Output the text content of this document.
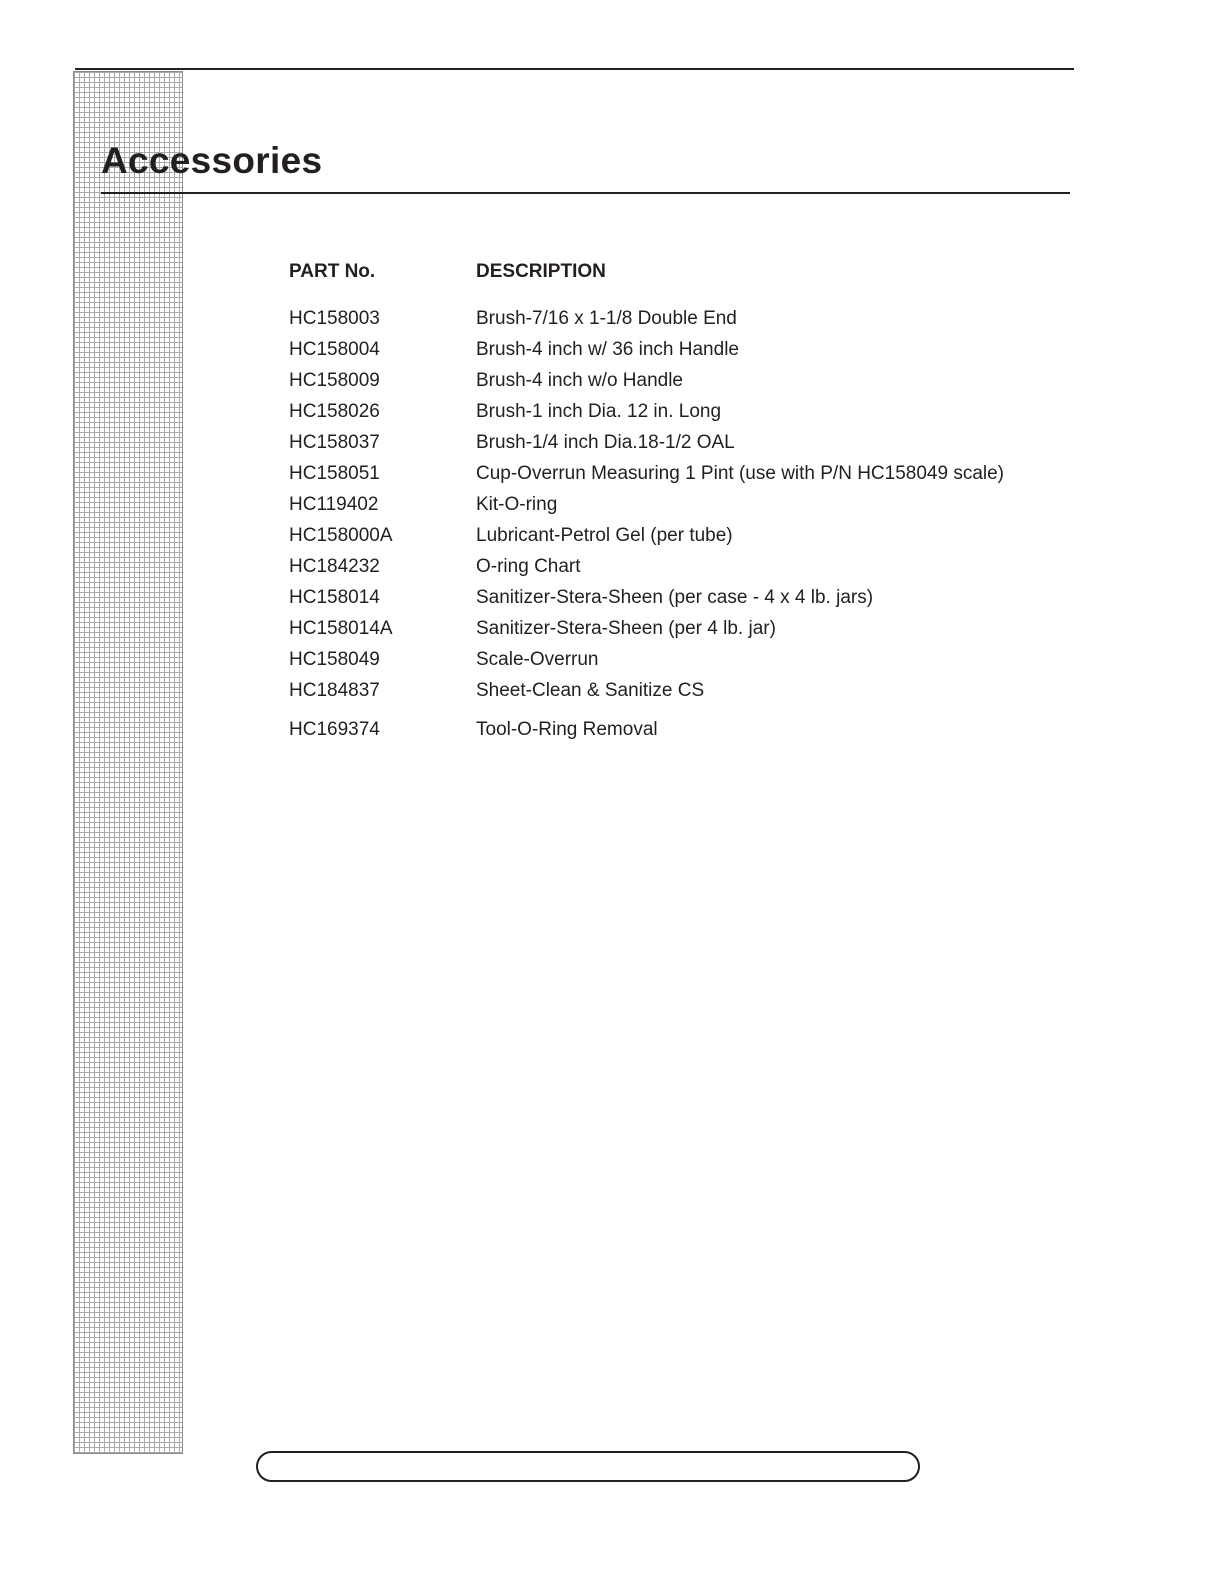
Accessories
PART No.	DESCRIPTION
HC158003	Brush-7/16 x 1-1/8 Double End
HC158004	Brush-4 inch w/ 36 inch Handle
HC158009	Brush-4 inch w/o Handle
HC158026	Brush-1 inch Dia. 12 in. Long
HC158037	Brush-1/4 inch Dia.18-1/2 OAL
HC158051	Cup-Overrun Measuring 1 Pint (use with P/N HC158049 scale)
HC119402	Kit-O-ring
HC158000A	Lubricant-Petrol Gel (per tube)
HC184232	O-ring Chart
HC158014	Sanitizer-Stera-Sheen (per case - 4 x 4 lb. jars)
HC158014A	Sanitizer-Stera-Sheen (per 4 lb. jar)
HC158049	Scale-Overrun
HC184837	Sheet-Clean & Sanitize CS
HC169374	Tool-O-Ring Removal
